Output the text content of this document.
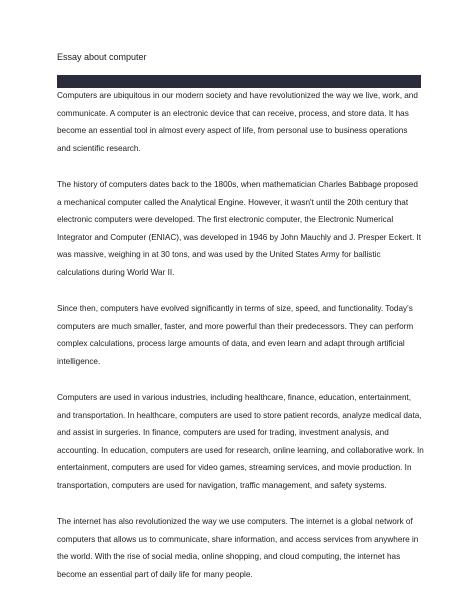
Essay about computer

Computers are ubiquitous in our modern society and have revolutionized the way we live, work, and
communicate. A computer is an electronic device that can receive, process, and store data. It has
become an essential tool in almost every aspect of life, from personal use to business operations
and scientific research.

The history of computers dates back to the 1800s, when mathematician Charles Babbage proposed
a mechanical computer called the Analytical Engine. However, it wasn't until the 20th century that
electronic computers were developed. The first electronic computer, the Electronic Numerical
Integrator and Computer (ENIAC), was developed in 1946 by John Mauchly and J. Presper Eckert. It
was massive, weighing in at 30 tons, and was used by the United States Army for ballistic
calculations during World War II.

Since then, computers have evolved significantly in terms of size, speed, and functionality. Today's
computers are much smaller, faster, and more powerful than their predecessors. They can perform
complex calculations, process large amounts of data, and even learn and adapt through artificial
intelligence.

Computers are used in various industries, including healthcare, finance, education, entertainment,
and transportation. In healthcare, computers are used to store patient records, analyze medical data,
and assist in surgeries. In finance, computers are used for trading, investment analysis, and
accounting. In education, computers are used for research, online learning, and collaborative work. In
entertainment, computers are used for video games, streaming services, and movie production. In
transportation, computers are used for navigation, traffic management, and safety systems.

The internet has also revolutionized the way we use computers. The internet is a global network of
computers that allows us to communicate, share information, and access services from anywhere in
the world. With the rise of social media, online shopping, and cloud computing, the internet has
become an essential part of daily life for many people.
